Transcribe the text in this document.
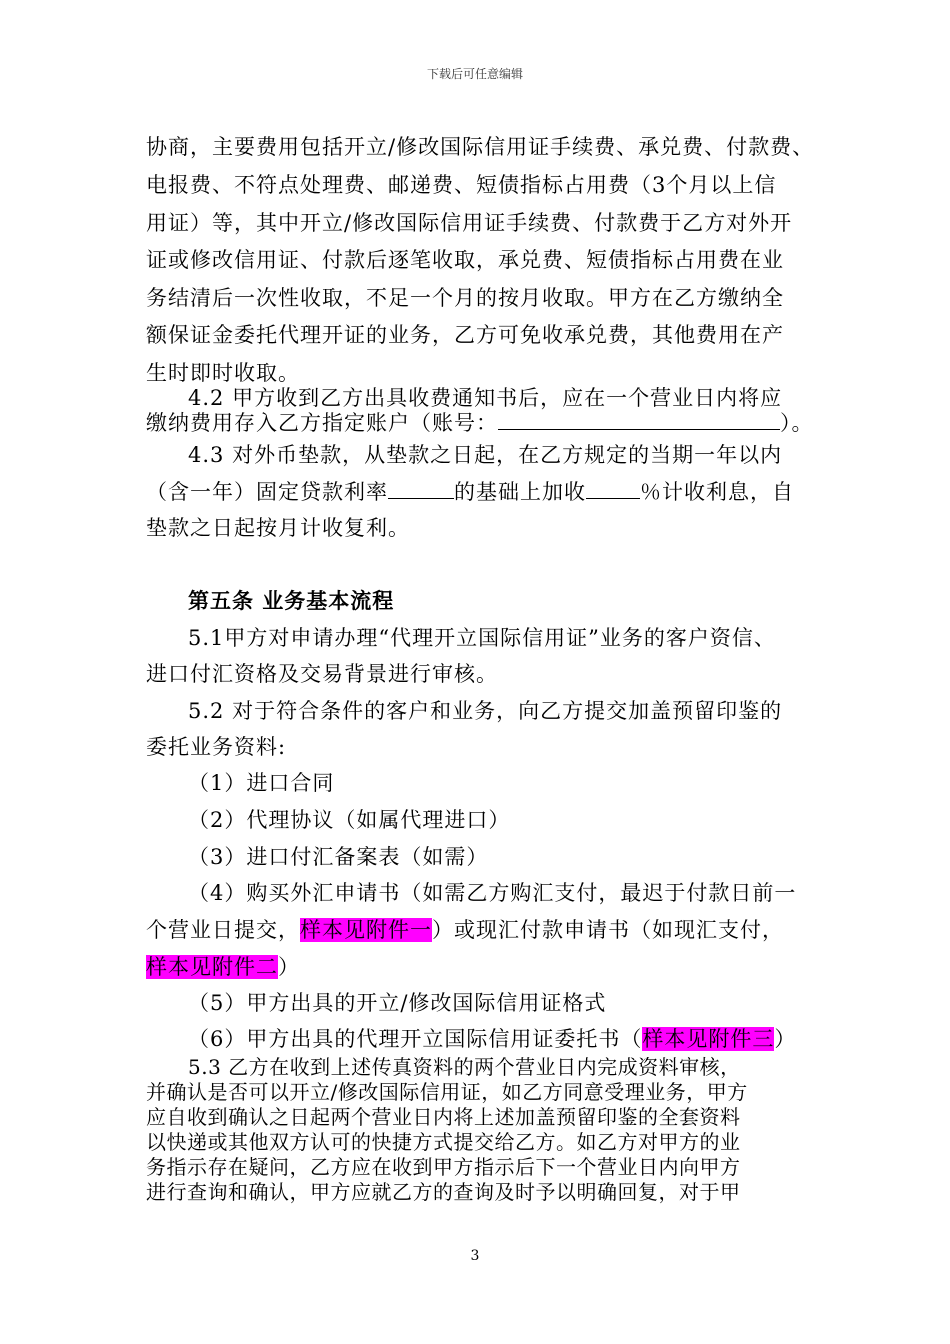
下载后可任意编辑
协商，主要费用包括开立/修改国际信用证手续费、承兑费、付款费、
电报费、不符点处理费、邮递费、短债指标占用费（3个月以上信
用证）等，其中开立/修改国际信用证手续费、付款费于乙方对外开
证或修改信用证、付款后逐笔收取，承兑费、短债指标占用费在业
务结清后一次性收取，不足一个月的按月收取。甲方在乙方缴纳全
额保证金委托代理开证的业务，乙方可免收承兑费，其他费用在产
生时即时收取。
4.2 甲方收到乙方出具收费通知书后，应在一个营业日内将应
缴纳费用存入乙方指定账户（账号：	）。
4.3 对外币垫款，从垫款之日起，在乙方规定的当期一年以内
（含一年）固定贷款利率	的基础上加收	％计收利息，自
垫款之日起按月计收复利。
第五条 业务基本流程
5.1甲方对申请办理“代理开立国际信用证”业务的客户资信、
进口付汇资格及交易背景进行审核。
5.2 对于符合条件的客户和业务，向乙方提交加盖预留印鉴的
委托业务资料:
（1）进口合同
（2）代理协议（如属代理进口）
（3）进口付汇备案表（如需）
（4）购买外汇申请书（如需乙方购汇支付，最迟于付款日前一
个营业日提交，样本见附件一）或现汇付款申请书（如现汇支付，
样本见附件二）
（5）甲方出具的开立/修改国际信用证格式
（6）甲方出具的代理开立国际信用证委托书（样本见附件三）
5.3 乙方在收到上述传真资料的两个营业日内完成资料审核，
并确认是否可以开立/修改国际信用证，如乙方同意受理业务，甲方
应自收到确认之日起两个营业日内将上述加盖预留印鉴的全套资料
以快递或其他双方认可的快捷方式提交给乙方。如乙方对甲方的业
务指示存在疑问，乙方应在收到甲方指示后下一个营业日内向甲方
进行查询和确认，甲方应就乙方的查询及时予以明确回复，对于甲
3
